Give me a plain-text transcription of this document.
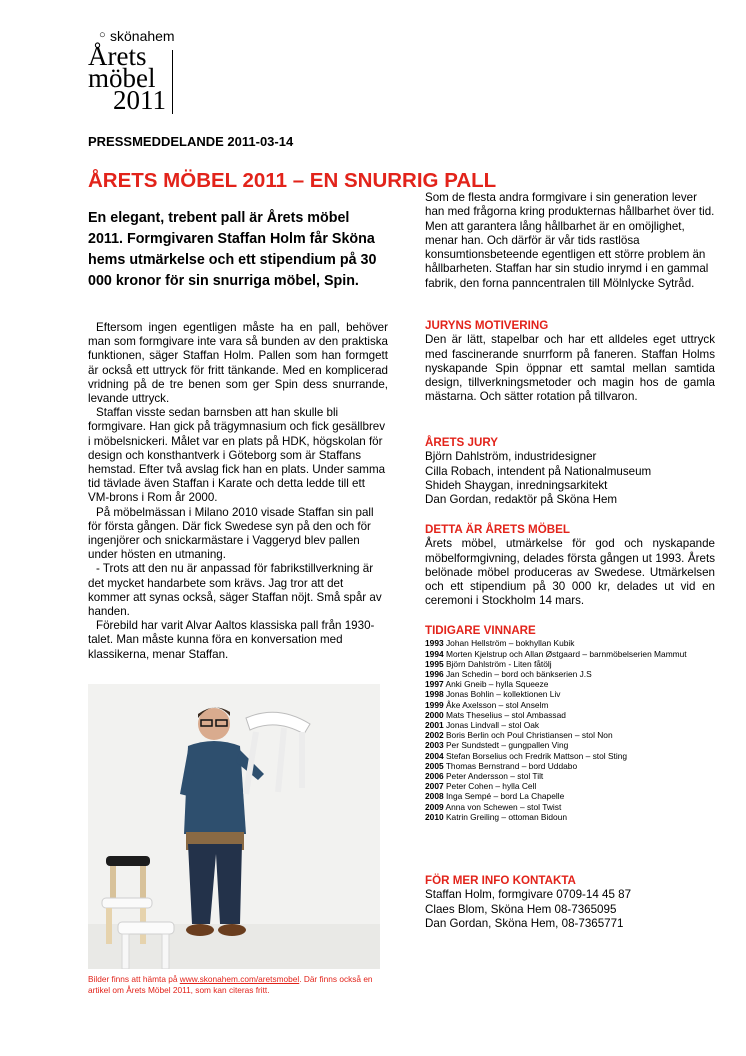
○ skönahem
Årets
möbel
2011
PRESSMEDDELANDE 2011-03-14
ÅRETS MÖBEL 2011 – EN SNURRIG PALL
En elegant, trebent pall är Årets möbel 2011. Formgivaren Staffan Holm får Sköna hems utmärkelse och ett stipendium på 30 000 kronor för sin snurriga möbel, Spin.

Eftersom ingen egentligen måste ha en pall, behöver man som formgivare inte vara så bunden av den praktiska funktionen, säger Staffan Holm. Pallen som han formgett är också ett uttryck för fritt tänkande. Med en komplicerad vridning på de tre benen som ger Spin dess snurrande, levande uttryck.

Staffan visste sedan barnsben att han skulle bli formgivare. Han gick på trägymnasium och fick gesällbrev i möbelsnickeri. Målet var en plats på HDK, högskolan för design och konsthantverk i Göteborg som är Staffans hemstad. Efter två avslag fick han en plats. Under samma tid tävlade även Staffan i Karate och detta ledde till ett VM-brons i Rom år 2000.

På möbelmässan i Milano 2010 visade Staffan sin pall för första gången. Där fick Swedese syn på den och för ingenjörer och snickarmästare i Vaggeryd blev pallen under hösten en utmaning.

- Trots att den nu är anpassad för fabrikstillverkning är det mycket handarbete som krävs. Jag tror att det kommer att synas också, säger Staffan nöjt. Små spår av handen.

Förebild har varit Alvar Aaltos klassiska pall från 1930-talet. Man måste kunna föra en konversation med klassikerna, menar Staffan.

Bilder finns att hämta på www.skonahem.com/aretsmobel. Där finns också en artikel om Årets Möbel 2011, som kan citeras fritt.

Som de flesta andra formgivare i sin generation lever han med frågorna kring produkternas hållbarhet över tid. Men att garantera lång hållbarhet är en omöjlighet, menar han. Och därför är vår tids rastlösa konsumtionsbeteende egentligen ett större problem än hållbarheten. Staffan har sin studio inrymd i en gammal fabrik, den forna panncentralen till Mölnlycke Sytråd.

JURYNS MOTIVERING

Den är lätt, stapelbar och har ett alldeles eget uttryck med fascinerande snurrform på faneren. Staffan Holms nyskapande Spin öppnar ett samtal mellan samtida design, tillverkningsmetoder och magin hos de gamla mästarna. Och sätter rotation på tillvaron.

ÅRETS JURY
Björn Dahlström, industridesigner
Cilla Robach, intendent på Nationalmuseum
Shideh Shaygan, inredningsarkitekt
Dan Gordan, redaktör på Sköna Hem
DETTA ÄR ÅRETS MÖBEL

Årets möbel, utmärkelse för god och nyskapande möbelformgivning, delades första gången ut 1993. Årets belönade möbel produceras av Swedese. Utmärkelsen och ett stipendium på 30 000 kr, delades ut vid en ceremoni i Stockholm 14 mars.

TIDIGARE VINNARE
1993 Johan Hellström – bokhyllan Kubik
1994 Morten Kjelstrup och Allan Østgaard – barnmöbelserien Mammut
1995 Björn Dahlström - Liten fåtölj
1996 Jan Schedin – bord och bänkserien J.S
1997 Anki Gneib – hylla Squeeze
1998 Jonas Bohlin – kollektionen Liv
1999 Åke Axelsson – stol Anselm
2000 Mats Theselius – stol Ambassad
2001 Jonas Lindvall – stol Oak
2002 Boris Berlin och Poul Christiansen – stol Non
2003 Per Sundstedt – gungpallen Ving
2004 Stefan Borselius och Fredrik Mattson – stol Sting
2005 Thomas Bernstrand – bord Uddabo
2006 Peter Andersson – stol Tilt
2007 Peter Cohen – hylla Cell
2008 Inga Sempé – bord La Chapelle
2009 Anna von Schewen – stol Twist
2010 Katrin Greiling – ottoman Bidoun
FÖR MER INFO KONTAKTA
Staffan Holm, formgivare 0709-14 45 87
Claes Blom, Sköna Hem 08-7365095
Dan Gordan, Sköna Hem, 08-7365771
